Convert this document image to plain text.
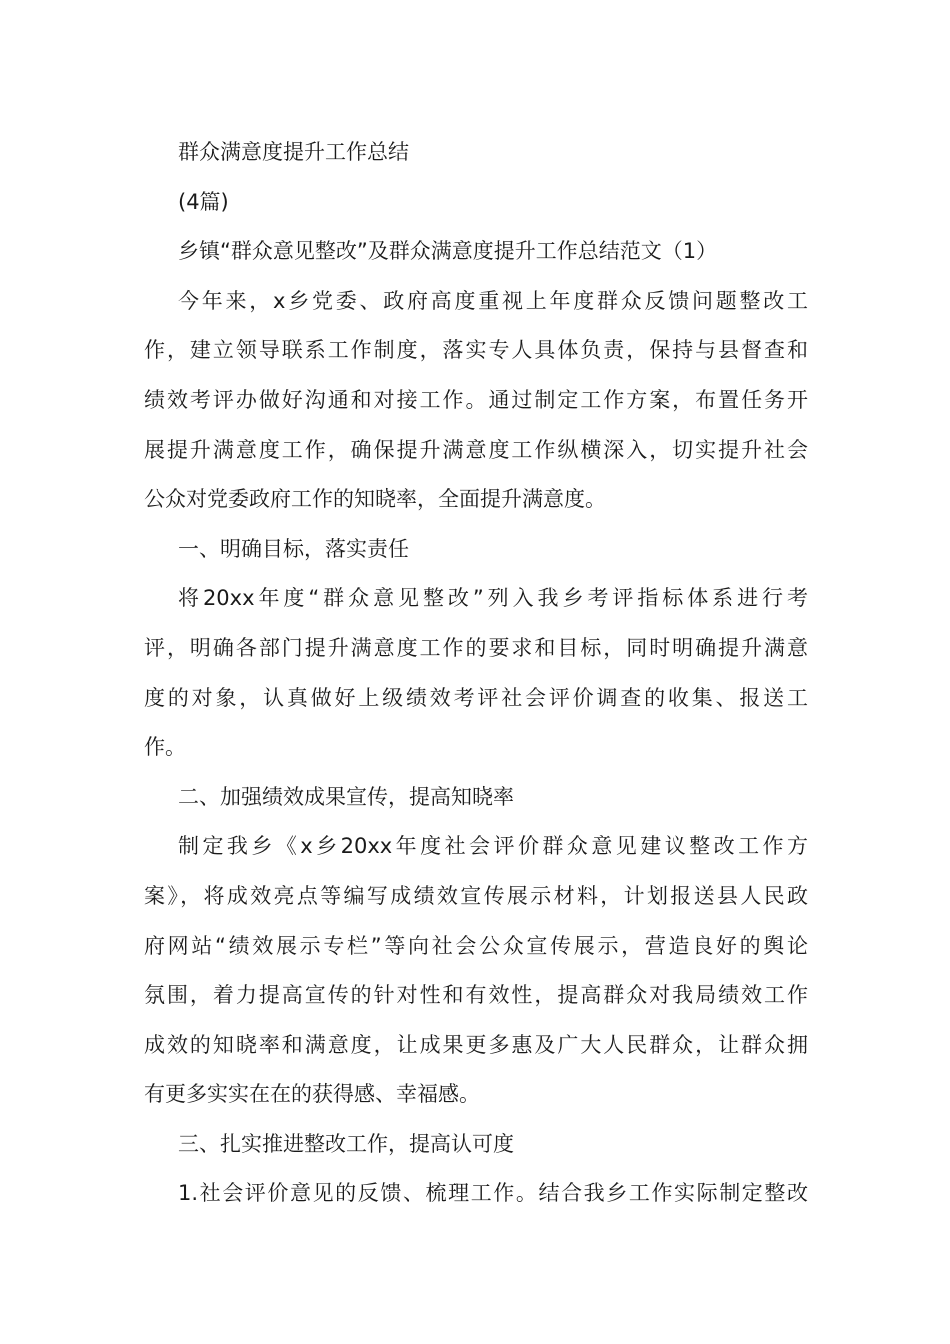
群众满意度提升工作总结
(4篇)
乡镇“群众意见整改”及群众满意度提升工作总结范文（1）
今年来，x乡党委、政府高度重视上年度群众反馈问题整改工
作，建立领导联系工作制度，落实专人具体负责，保持与县督查和
绩效考评办做好沟通和对接工作。通过制定工作方案，布置任务开
展提升满意度工作，确保提升满意度工作纵横深入，切实提升社会
公众对党委政府工作的知晓率，全面提升满意度。
一、明确目标，落实责任
将20xx年度“群众意见整改”列入我乡考评指标体系进行考
评，明确各部门提升满意度工作的要求和目标，同时明确提升满意
度的对象，认真做好上级绩效考评社会评价调查的收集、报送工
作。
二、加强绩效成果宣传，提高知晓率
制定我乡《x乡20xx年度社会评价群众意见建议整改工作方
案》，将成效亮点等编写成绩效宣传展示材料，计划报送县人民政
府网站“绩效展示专栏”等向社会公众宣传展示，营造良好的舆论
氛围，着力提高宣传的针对性和有效性，提高群众对我局绩效工作
成效的知晓率和满意度，让成果更多惠及广大人民群众，让群众拥
有更多实实在在的获得感、幸福感。
三、扎实推进整改工作，提高认可度
1.社会评价意见的反馈、梳理工作。结合我乡工作实际制定整改
